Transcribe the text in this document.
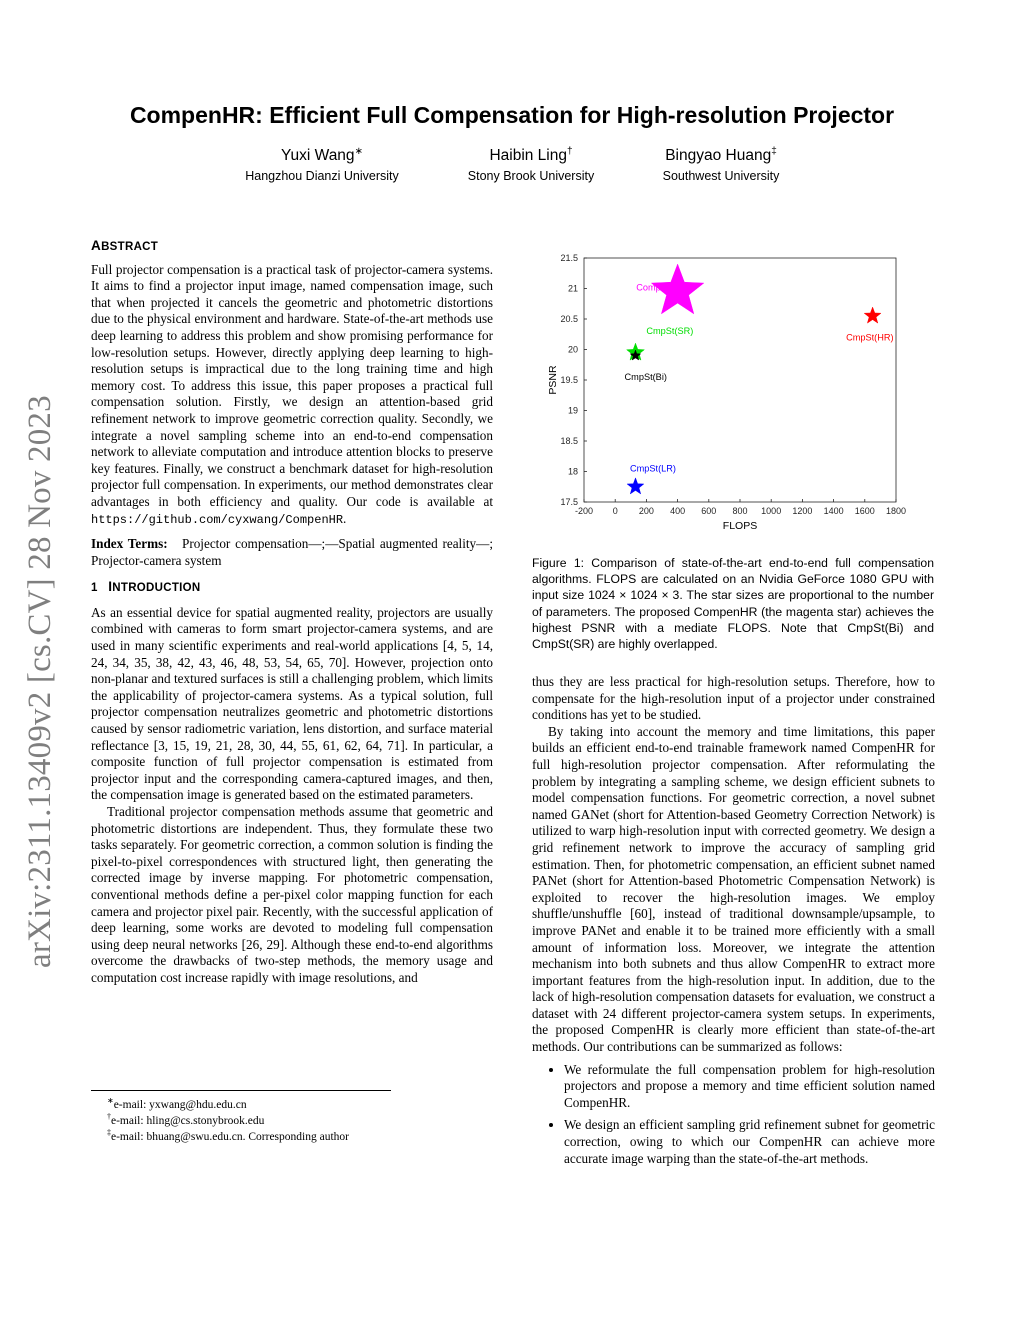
arXiv:2311.13409v2 [cs.CV] 28 Nov 2023
CompenHR: Efficient Full Compensation for High-resolution Projector
Yuxi Wang∗
Hangzhou Dianzi University
Haibin Ling†
Stony Brook University
Bingyao Huang‡
Southwest University
ABSTRACT

Full projector compensation is a practical task of projector-camera systems. It aims to find a projector input image, named compensation image, such that when projected it cancels the geometric and photometric distortions due to the physical environment and hardware. State-of-the-art methods use deep learning to address this problem and show promising performance for low-resolution setups. However, directly applying deep learning to high-resolution setups is impractical due to the long training time and high memory cost. To address this issue, this paper proposes a practical full compensation solution. Firstly, we design an attention-based grid refinement network to improve geometric correction quality. Secondly, we integrate a novel sampling scheme into an end-to-end compensation network to alleviate computation and introduce attention blocks to preserve key features. Finally, we construct a benchmark dataset for high-resolution projector full compensation. In experiments, our method demonstrates clear advantages in both efficiency and quality. Our code is available at https://github.com/cyxwang/CompenHR.

Index Terms: Projector compensation—;—Spatial augmented reality—; Projector-camera system

1 INTRODUCTION

As an essential device for spatial augmented reality, projectors are usually combined with cameras to form smart projector-camera systems, and are used in many scientific experiments and real-world applications [4, 5, 14, 24, 34, 35, 38, 42, 43, 46, 48, 53, 54, 65, 70]. However, projection onto non-planar and textured surfaces is still a challenging problem, which limits the applicability of projector-camera systems. As a typical solution, full projector compensation neutralizes geometric and photometric distortions caused by sensor radiometric variation, lens distortion, and surface material reflectance [3, 15, 19, 21, 28, 30, 44, 55, 61, 62, 64, 71]. In particular, a composite function of full projector compensation is estimated from projector input and the corresponding camera-captured images, and then, the compensation image is generated based on the estimated parameters.

Traditional projector compensation methods assume that geometric and photometric distortions are independent. Thus, they formulate these two tasks separately. For geometric correction, a common solution is finding the pixel-to-pixel correspondences with structured light, then generating the corrected image by inverse mapping. For photometric compensation, conventional methods define a per-pixel color mapping function for each camera and projector pixel pair. Recently, with the successful application of deep learning, some works are devoted to modeling full compensation using deep neural networks [26, 29]. Although these end-to-end algorithms overcome the drawbacks of two-step methods, the memory usage and computation cost increase rapidly with image resolutions, and

∗e-mail: yxwang@hdu.edu.cn
†e-mail: hling@cs.stonybrook.edu
‡e-mail: bhuang@swu.edu.cn. Corresponding author
-200 0 200 400 600 800 1000 1200 1400 1600 1800
17.5
18
18.5
19
19.5
20
20.5
21
21.5
CompenHR
CmpSt(HR)
CmpSt(SR)
CmpSt(Bi)
CmpSt(LR)
FLOPS
PSNR
Figure 1: Comparison of state-of-the-art end-to-end full compensation algorithms. FLOPS are calculated on an Nvidia GeForce 1080 GPU with input size 1024 × 1024 × 3. The star sizes are proportional to the number of parameters. The proposed CompenHR (the magenta star) achieves the highest PSNR with a mediate FLOPS. Note that CmpSt(Bi) and CmpSt(SR) are highly overlapped.

thus they are less practical for high-resolution setups. Therefore, how to compensate for the high-resolution input of a projector under constrained conditions has yet to be studied.

By taking into account the memory and time limitations, this paper builds an efficient end-to-end trainable framework named CompenHR for full high-resolution projector compensation. After reformulating the problem by integrating a sampling scheme, we design efficient subnets to model compensation functions. For geometric correction, a novel subnet named GANet (short for Attention-based Geometry Correction Network) is utilized to warp high-resolution input with corrected geometry. We design a grid refinement network to improve the accuracy of sampling grid estimation. Then, for photometric compensation, an efficient subnet named PANet (short for Attention-based Photometric Compensation Network) is exploited to recover the high-resolution images. We employ shuffle/unshuffle [60], instead of traditional downsample/upsample, to improve PANet and enable it to be trained more efficiently with a small amount of information loss. Moreover, we integrate the attention mechanism into both subnets and thus allow CompenHR to extract more important features from the high-resolution input. In addition, due to the lack of high-resolution compensation datasets for evaluation, we construct a dataset with 24 different projector-camera system setups. In experiments, the proposed CompenHR is clearly more efficient than state-of-the-art methods. Our contributions can be summarized as follows:

• We reformulate the full compensation problem for high-resolution projectors and propose a memory and time efficient solution named CompenHR.
• We design an efficient sampling grid refinement subnet for geometric correction, owing to which our CompenHR can achieve more accurate image warping than the state-of-the-art methods.
